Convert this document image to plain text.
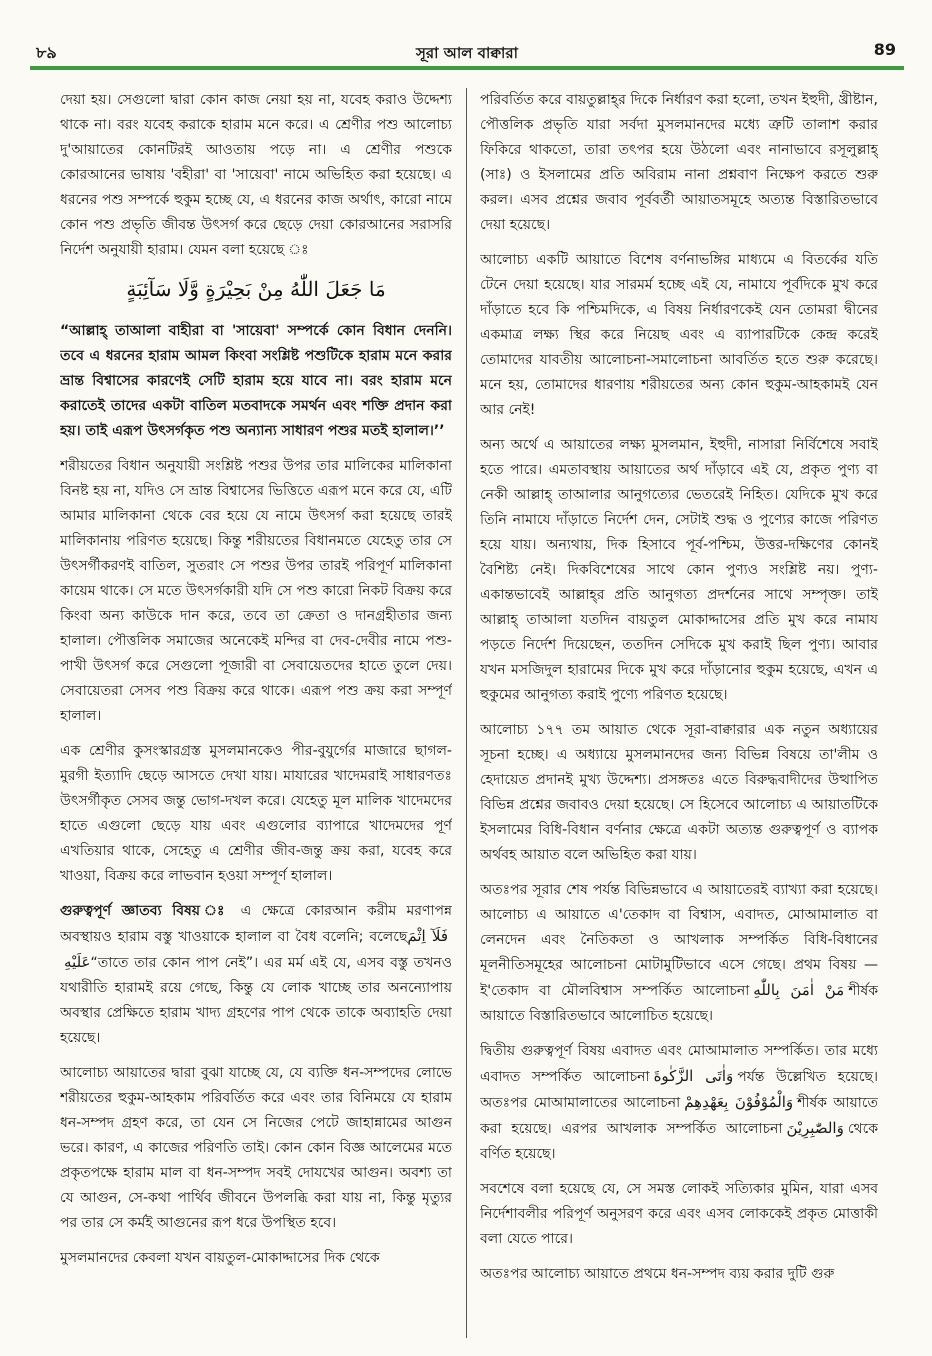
৮৯	সূরা আল বাক্বারা	89

দেয়া হয়। সেগুলো দ্বারা কোন কাজ নেয়া হয় না, যবেহ করাও উদ্দেশ্য থাকে না। বরং যবেহ করাকে হারাম মনে করে। এ শ্রেণীর পশু আলোচ্য দু'আয়াতের কোনটিরই আওতায় পড়ে না। এ শ্রেণীর পশুকে কোরআনের ভাষায় 'বহীরা' বা 'সায়েবা' নামে অভিহিত করা হয়েছে। এ ধরনের পশু সম্পর্কে হুকুম হচ্ছে যে, এ ধরনের কাজ অর্থাৎ, কারো নামে কোন পশু প্রভৃতি জীবন্ত উৎসর্গ করে ছেড়ে দেয়া কোরআনের সরাসরি নির্দেশ অনুযায়ী হারাম। যেমন বলা হয়েছে ঃ

مَا جَعَلَ اللّٰهُ مِنْ بَحِيْرَةٍ وَّلَا سَآئِبَةٍ

“আল্লাহ্ তাআলা বাহীরা বা 'সায়েবা' সম্পর্কে কোন বিধান দেননি। তবে এ ধরনের হারাম আমল কিংবা সংশ্লিষ্ট পশুটিকে হারাম মনে করার ভ্রান্ত বিশ্বাসের কারণেই সেটি হারাম হয়ে যাবে না। বরং হারাম মনে করাতেই তাদের একটা বাতিল মতবাদকে সমর্থন এবং শক্তি প্রদান করা হয়। তাই এরূপ উৎসর্গকৃত পশু অন্যান্য সাধারণ পশুর মতই হালাল।’’

শরীয়তের বিধান অনুযায়ী সংশ্লিষ্ট পশুর উপর তার মালিকের মালিকানা বিনষ্ট হয় না, যদিও সে ভ্রান্ত বিশ্বাসের ভিত্তিতে এরূপ মনে করে যে, এটি আমার মালিকানা থেকে বের হয়ে যে নামে উৎসর্গ করা হয়েছে তারই মালিকানায় পরিণত হয়েছে। কিন্তু শরীয়তের বিধানমতে যেহেতু তার সে উৎসর্গীকরণই বাতিল, সুতরাং সে পশুর উপর তারই পরিপূর্ণ মালিকানা কায়েম থাকে। সে মতে উৎসর্গকারী যদি সে পশু কারো নিকট বিক্রয় করে কিংবা অন্য কাউকে দান করে, তবে তা ক্রেতা ও দানগ্রহীতার জন্য হালাল। পৌত্তলিক সমাজের অনেকেই মন্দির বা দেব-দেবীর নামে পশু-পাখী উৎসর্গ করে সেগুলো পূজারী বা সেবায়েতদের হাতে তুলে দেয়। সেবায়েতরা সেসব পশু বিক্রয় করে থাকে। এরূপ পশু ক্রয় করা সম্পূর্ণ হালাল।

এক শ্রেণীর কুসংস্কারগ্রস্ত মুসলমানকেও পীর-বুযুর্গের মাজারে ছাগল-মুরগী ইত্যাদি ছেড়ে আসতে দেখা যায়। মাযারের খাদেমরাই সাধারণতঃ উৎসর্গীকৃত সেসব জন্তু ভোগ-দখল করে। যেহেতু মূল মালিক খাদেমদের হাতে এগুলো ছেড়ে যায় এবং এগুলোর ব্যাপারে খাদেমদের পূর্ণ এখতিয়ার থাকে, সেহেতু এ শ্রেণীর জীব-জন্তু ক্রয় করা, যবেহ করে খাওয়া, বিক্রয় করে লাভবান হওয়া সম্পূর্ণ হালাল।

গুরুত্বপূর্ণ জ্ঞাতব্য বিষয় ঃ এ ক্ষেত্রে কোরআন করীম মরণাপন্ন অবস্থায়ও হারাম বস্তু খাওয়াকে হালাল বা বৈধ বলেনি; বলেছেفَلَآ اِثْمَ عَلَيْهِ“তাতে তার কোন পাপ নেই”। এর মর্ম এই যে, এসব বস্তু তখনও যথারীতি হারামই রয়ে গেছে, কিন্তু যে লোক খাচ্ছে তার অনন্যোপায় অবস্থার প্রেক্ষিতে হারাম খাদ্য গ্রহণের পাপ থেকে তাকে অব্যাহতি দেয়া হয়েছে।

আলোচ্য আয়াতের দ্বারা বুঝা যাচ্ছে যে, যে ব্যক্তি ধন-সম্পদের লোভে শরীয়তের হুকুম-আহকাম পরিবর্তিত করে এবং তার বিনিময়ে যে হারাম ধন-সম্পদ গ্রহণ করে, তা যেন সে নিজের পেটে জাহান্নামের আগুন ভরে। কারণ, এ কাজের পরিণতি তাই। কোন কোন বিজ্ঞ আলেমের মতে প্রকৃতপক্ষে হারাম মাল বা ধন-সম্পদ সবই দোযখের আগুন। অবশ্য তা যে আগুন, সে-কথা পার্থিব জীবনে উপলব্ধি করা যায় না, কিন্তু মৃত্যুর পর তার সে কর্মই আগুনের রূপ ধরে উপস্থিত হবে।

মুসলমানদের কেবলা যখন বায়তুল-মোকাদ্দাসের দিক থেকে

পরিবর্তিত করে বায়তুল্লাহ্‌র দিকে নির্ধারণ করা হলো, তখন ইহুদী, খ্রীষ্টান, পৌত্তলিক প্রভৃতি যারা সর্বদা মুসলমানদের মধ্যে ত্রুটি তালাশ করার ফিকিরে থাকতো, তারা তৎপর হয়ে উঠলো এবং নানাভাবে রসূলুল্লাহ্ (সাঃ) ও ইসলামের প্রতি অবিরাম নানা প্রশ্নবাণ নিক্ষেপ করতে শুরু করল। এসব প্রশ্নের জবাব পূর্ববর্তী আয়াতসমূহে অত্যন্ত বিস্তারিতভাবে দেয়া হয়েছে।

আলোচ্য একটি আয়াতে বিশেষ বর্ণনাভঙ্গির মাধ্যমে এ বিতর্কের যতি টেনে দেয়া হয়েছে। যার সারমর্ম হচ্ছে এই যে, নামাযে পূর্বদিকে মুখ করে দাঁড়াতে হবে কি পশ্চিমদিকে, এ বিষয় নির্ধারণকেই যেন তোমরা দ্বীনের একমাত্র লক্ষ্য স্থির করে নিয়েছ এবং এ ব্যাপারটিকে কেন্দ্র করেই তোমাদের যাবতীয় আলোচনা-সমালোচনা আবর্তিত হতে শুরু করেছে। মনে হয়, তোমাদের ধারণায় শরীয়তের অন্য কোন হুকুম-আহকামই যেন আর নেই!

অন্য অর্থে এ আয়াতের লক্ষ্য মুসলমান, ইহুদী, নাসারা নির্বিশেষে সবাই হতে পারে। এমতাবস্থায় আয়াতের অর্থ দাঁড়াবে এই যে, প্রকৃত পুণ্য বা নেকী আল্লাহ্ তাআলার আনুগত্যের ভেতরেই নিহিত। যেদিকে মুখ করে তিনি নামাযে দাঁড়াতে নির্দেশ দেন, সেটাই শুদ্ধ ও পুণ্যের কাজে পরিণত হয়ে যায়। অন্যথায়, দিক হিসাবে পূর্ব-পশ্চিম, উত্তর-দক্ষিণের কোনই বৈশিষ্ট্য নেই। দিকবিশেষের সাথে কোন পুণ্যও সংশ্লিষ্ট নয়। পুণ্য-একান্তভাবেই আল্লাহ্‌র প্রতি আনুগত্য প্রদর্শনের সাথে সম্পৃক্ত। তাই আল্লাহ্ তাআলা যতদিন বায়তুল মোকাদ্দাসের প্রতি মুখ করে নামায পড়তে নির্দেশ দিয়েছেন, ততদিন সেদিকে মুখ করাই ছিল পুণ্য। আবার যখন মসজিদুল হারামের দিকে মুখ করে দাঁড়ানোর হুকুম হয়েছে, এখন এ হুকুমের আনুগত্য করাই পুণ্যে পরিণত হয়েছে।

আলোচ্য ১৭৭ তম আয়াত থেকে সূরা-বাক্বারার এক নতুন অধ্যায়ের সূচনা হচ্ছে। এ অধ্যায়ে মুসলমানদের জন্য বিভিন্ন বিষয়ে তা'লীম ও হেদায়েত প্রদানই মুখ্য উদ্দেশ্য। প্রসঙ্গতঃ এতে বিরুদ্ধবাদীদের উত্থাপিত বিভিন্ন প্রশ্নের জবাবও দেয়া হয়েছে। সে হিসেবে আলোচ্য এ আয়াতটিকে ইসলামের বিধি-বিধান বর্ণনার ক্ষেত্রে একটা অত্যন্ত গুরুত্বপূর্ণ ও ব্যাপক অর্থবহ আয়াত বলে অভিহিত করা যায়।

অতঃপর সূরার শেষ পর্যন্ত বিভিন্নভাবে এ আয়াতেরই ব্যাখ্যা করা হয়েছে। আলোচ্য এ আয়াতে এ'তেকাদ বা বিশ্বাস, এবাদত, মোআমালাত বা লেনদেন এবং নৈতিকতা ও আখলাক সম্পর্কিত বিধি-বিধানের মূলনীতিসমূহের আলোচনা মোটামুটিভাবে এসে গেছে। প্রথম বিষয় — ই'তেকাদ বা মৌলবিশ্বাস সম্পর্কিত আলোচনা مَنْ اٰمَنَ بِاللّٰهِ শীর্ষক আয়াতে বিস্তারিতভাবে আলোচিত হয়েছে।

দ্বিতীয় গুরুত্বপূর্ণ বিষয় এবাদত এবং মোআমালাত সম্পর্কিত। তার মধ্যে এবাদত সম্পর্কিত আলোচনা وَاٰتَى الزَّكٰوةَ পর্যন্ত উল্লেখিত হয়েছে। অতঃপর মোআমালাতের আলোচনা وَالْمُوْفُوْنَ بِعَهْدِهِمْ শীর্ষক আয়াতে করা হয়েছে। এরপর আখলাক সম্পর্কিত আলোচনা وَالصّٰبِرِيْنَ থেকে বর্ণিত হয়েছে।

সবশেষে বলা হয়েছে যে, সে সমস্ত লোকই সত্যিকার মুমিন, যারা এসব নির্দেশাবলীর পরিপূর্ণ অনুসরণ করে এবং এসব লোককেই প্রকৃত মোত্তাকী বলা যেতে পারে।

অতঃপর আলোচ্য আয়াতে প্রথমে ধন-সম্পদ ব্যয় করার দুটি গুরু
